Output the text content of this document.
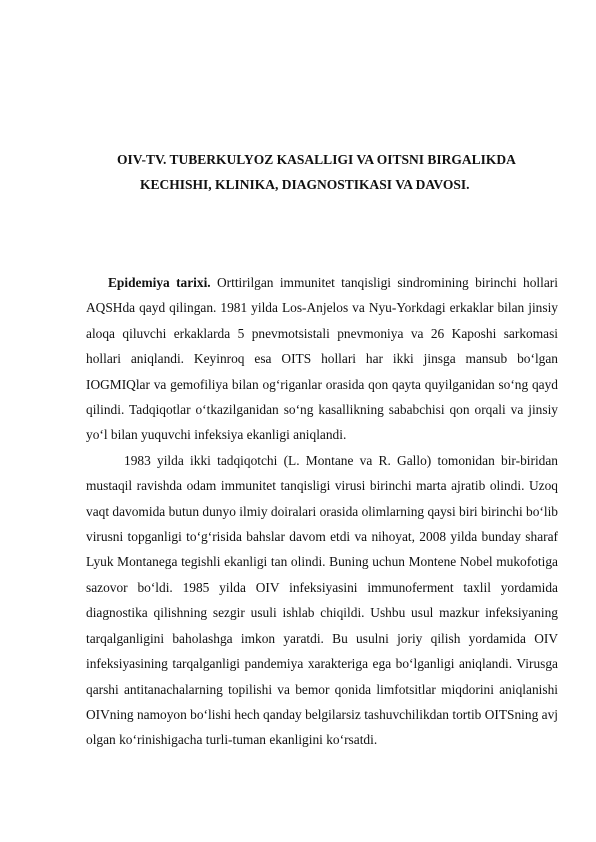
OIV-TV. TUBERKULYOZ KASALLIGI VA OITSNI BIRGALIKDA
KECHISHI, KLINIKA, DIAGNOSTIKASI VA DAVOSI.

Epidemiya tarixi. Orttirilgan immunitet tanqisligi sindromining birinchi hollari AQSHda qayd qilingan. 1981 yilda Los-Anjelos va Nyu-Yorkdagi erkaklar bilan jinsiy aloqa qiluvchi erkaklarda 5 pnevmotsistali pnevmoniya va 26 Kaposhi sarkomasi hollari aniqlandi. Keyinroq esa OITS hollari har ikki jinsga mansub bo‘lgan IOGMIQlar va gemofiliya bilan og‘riganlar orasida qon qayta quyilganidan so‘ng qayd qilindi. Tadqiqotlar o‘tkazilganidan so‘ng kasallikning sababchisi qon orqali va jinsiy yo‘l bilan yuquvchi infeksiya ekanligi aniqlandi.

1983 yilda ikki tadqiqotchi (L. Montane va R. Gallo) tomonidan bir-biridan mustaqil ravishda odam immunitet tanqisligi virusi birinchi marta ajratib olindi. Uzoq vaqt davomida butun dunyo ilmiy doiralari orasida olimlarning qaysi biri birinchi bo‘lib virusni topganligi to‘g‘risida bahslar davom etdi va nihoyat, 2008 yilda bunday sharaf Lyuk Montanega tegishli ekanligi tan olindi. Buning uchun Montene Nobel mukofotiga sazovor bo‘ldi. 1985 yilda OIV infeksiyasini immunoferment taxlil yordamida diagnostika qilishning sezgir usuli ishlab chiqildi. Ushbu usul mazkur infeksiyaning tarqalganligini baholashga imkon yaratdi. Bu usulni joriy qilish yordamida OIV infeksiyasining tarqalganligi pandemiya xarakteriga ega bo‘lganligi aniqlandi. Virusga qarshi antitanachalarning topilishi va bemor qonida limfotsitlar miqdorini aniqlanishi OIVning namoyon bo‘lishi hech qanday belgilarsiz tashuvchilikdan tortib OITSning avj olgan ko‘rinishigacha turli-tuman ekanligini ko‘rsatdi.
